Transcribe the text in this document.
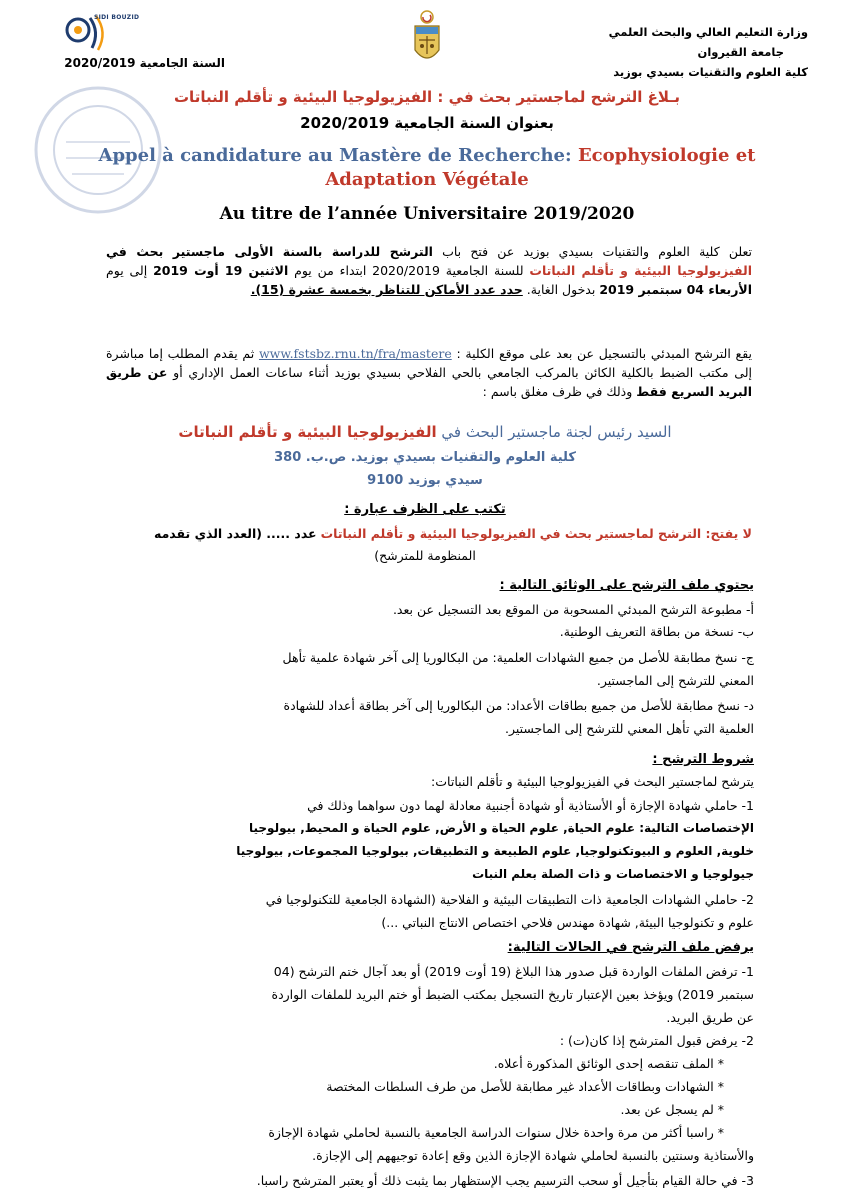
SIDI BOUZID
وزارة التعليم العالي والبحث العلمي
جامعة القيروان
كلية العلوم والتقنيات بسيدي بوزيد
السنة الجامعية 2020/2019
بـلاغ الترشح لماجستير بحث في : الفيزيولوجيا البيئية و تأقلم النباتات
بعنوان السنة الجامعية 2020/2019
Appel à candidature au Mastère de Recherche: Ecophysiologie et
Adaptation Végétale
Au titre de l’année Universitaire 2019/2020
تعلن كلية العلوم والتقنيات بسيدي بوزيد عن فتح باب الترشح للدراسة بالسنة الأولى ماجستير بحث في الفيزيولوجيا البيئية و تأقلم النباتات للسنة الجامعية 2020/2019 ابتداء من يوم الاثنين 19 أوت 2019 إلى يوم الأربعاء 04 سبتمبر 2019 بدخول الغاية. حدد عدد الأماكن للتناظر بخمسة عشرة (15).
يقع الترشح المبدئي بالتسجيل عن بعد على موقع الكلية : www.fstsbz.rnu.tn/fra/mastere ثم يقدم المطلب إما مباشرة إلى مكتب الضبط بالكلية الكائن بالمركب الجامعي بالحي الفلاحي بسيدي بوزيد أثناء ساعات العمل الإداري أو عن طريق البريد السريع فقط وذلك في ظرف مغلق باسم :
السيد رئيس لجنة ماجستير البحث في الفيزيولوجيا البيئية و تأقلم النباتات
كلية العلوم والتقنيات بسيدي بوزيد. ص.ب. 380
سيدي بوزيد 9100
تكتب على الظرف عبارة :
لا يفتح: الترشح لماجستير بحث في الفيزيولوجيا البيئية و تأقلم النباتات عدد ..... (العدد الذي تقدمه
المنظومة للمترشح)
يحتوي ملف الترشح على الوثائق التالية :
أ- مطبوعة الترشح المبدئي المسحوبة من الموقع بعد التسجيل عن بعد.
ب- نسخة من بطاقة التعريف الوطنية.
ج- نسخ مطابقة للأصل من جميع الشهادات العلمية: من البكالوريا إلى آخر شهادة علمية تأهل
المعني للترشح إلى الماجستير.
د- نسخ مطابقة للأصل من جميع بطاقات الأعداد: من البكالوريا إلى آخر بطاقة أعداد للشهادة
العلمية التي تأهل المعني للترشح إلى الماجستير.
شروط الترشح :
يترشح لماجستير البحث في الفيزيولوجيا البيئية و تأقلم النباتات:
1- حاملي شهادة الإجازة أو الأستاذية أو شهادة أجنبية معادلة لهما دون سواهما وذلك في
الإختصاصات التالية: علوم الحياة, علوم الحياة و الأرض, علوم الحياة و المحيط, بيولوجيا
خلوية, العلوم و البيوتكنولوجيا, علوم الطبيعة و التطبيقات, بيولوجيا المجموعات, بيولوجيا
جيولوجيا و الاختصاصات و ذات الصلة بعلم النبات
2- حاملي الشهادات الجامعية ذات التطبيقات البيئية و الفلاحية (الشهادة الجامعية للتكنولوجيا في
علوم و تكنولوجيا البيئة, شهادة مهندس فلاحي اختصاص الانتاج النباتي ...)
يرفض ملف الترشح في الحالات التالية:
1- ترفض الملفات الواردة قبل صدور هذا البلاغ (19 أوت 2019) أو بعد آجال ختم الترشح (04
سبتمبر 2019) ويؤخذ بعين الإعتبار تاريخ التسجيل بمكتب الضبط أو ختم البريد للملفات الواردة
عن طريق البريد.
2- يرفض قبول المترشح إذا كان(ت) :
* الملف تنقصه إحدى الوثائق المذكورة أعلاه.
* الشهادات وبطاقات الأعداد غير مطابقة للأصل من طرف السلطات المختصة
* لم يسجل عن بعد.
* راسبا أكثر من مرة واحدة خلال سنوات الدراسة الجامعية بالنسبة لحاملي شهادة الإجازة
والأستاذية وسنتين بالنسبة لحاملي شهادة الإجازة الذين وقع إعادة توجيههم إلى الإجازة.
3- في حالة القيام بتأجيل أو سحب الترسيم يجب الإستظهار بما يثبت ذلك أو يعتبر المترشح راسبا.
